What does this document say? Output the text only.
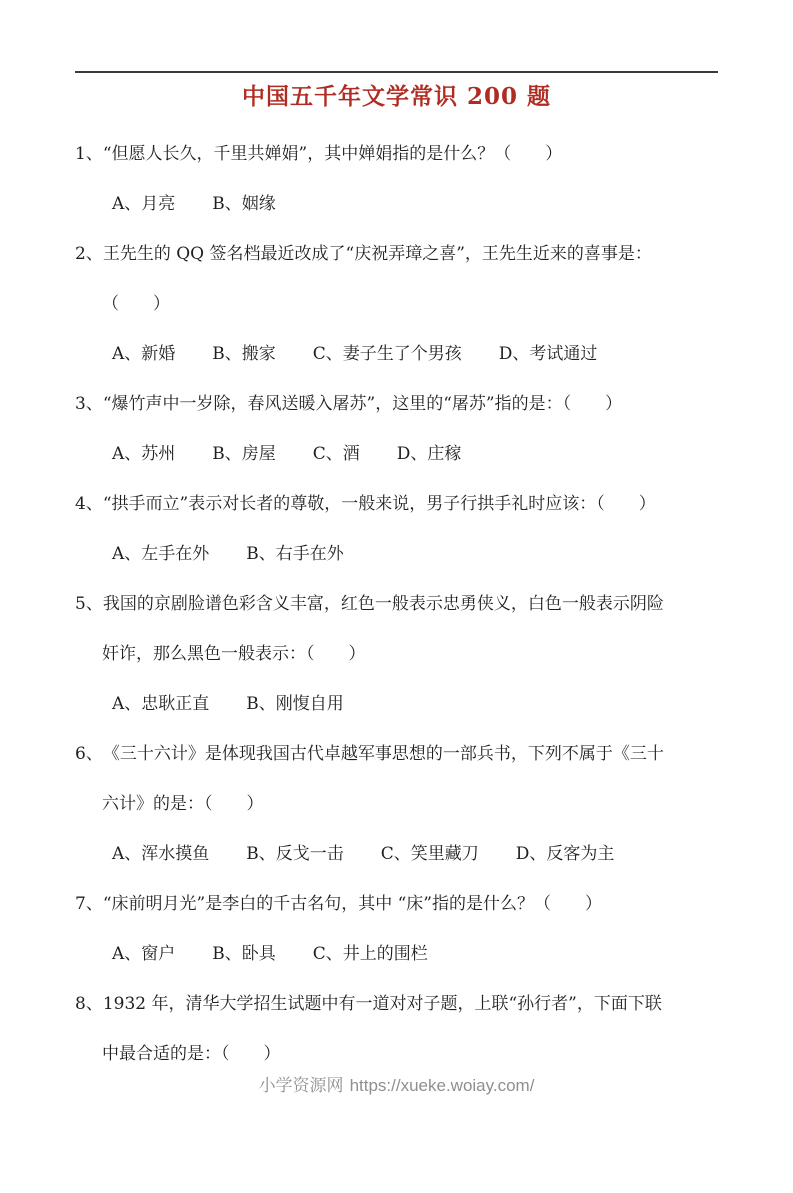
中国五千年文学常识 200 题
1、“但愿人长久，千里共婵娟”，其中婵娟指的是什么？（　　）
A、月亮 B、姻缘
2、王先生的 QQ 签名档最近改成了“庆祝弄璋之喜”，王先生近来的喜事是：
（　　）
A、新婚 B、搬家 C、妻子生了个男孩 D、考试通过
3、“爆竹声中一岁除，春风送暖入屠苏”，这里的“屠苏”指的是：（　　）
A、苏州 B、房屋 C、酒 D、庄稼
4、“拱手而立”表示对长者的尊敬，一般来说，男子行拱手礼时应该：（　　）
A、左手在外 B、右手在外
5、我国的京剧脸谱色彩含义丰富，红色一般表示忠勇侠义，白色一般表示阴险
奸诈，那么黑色一般表示：（　　）
A、忠耿正直 B、刚愎自用
6、《三十六计》是体现我国古代卓越军事思想的一部兵书，下列不属于《三十
六计》的是：（　　）
A、浑水摸鱼 B、反戈一击 C、笑里藏刀 D、反客为主
7、“床前明月光”是李白的千古名句，其中 “床”指的是什么？（　　）
A、窗户 B、卧具 C、井上的围栏
8、1932 年，清华大学招生试题中有一道对对子题，上联“孙行者”，下面下联
中最合适的是：（　　）
小学资源网 https://xueke.woiay.com/
